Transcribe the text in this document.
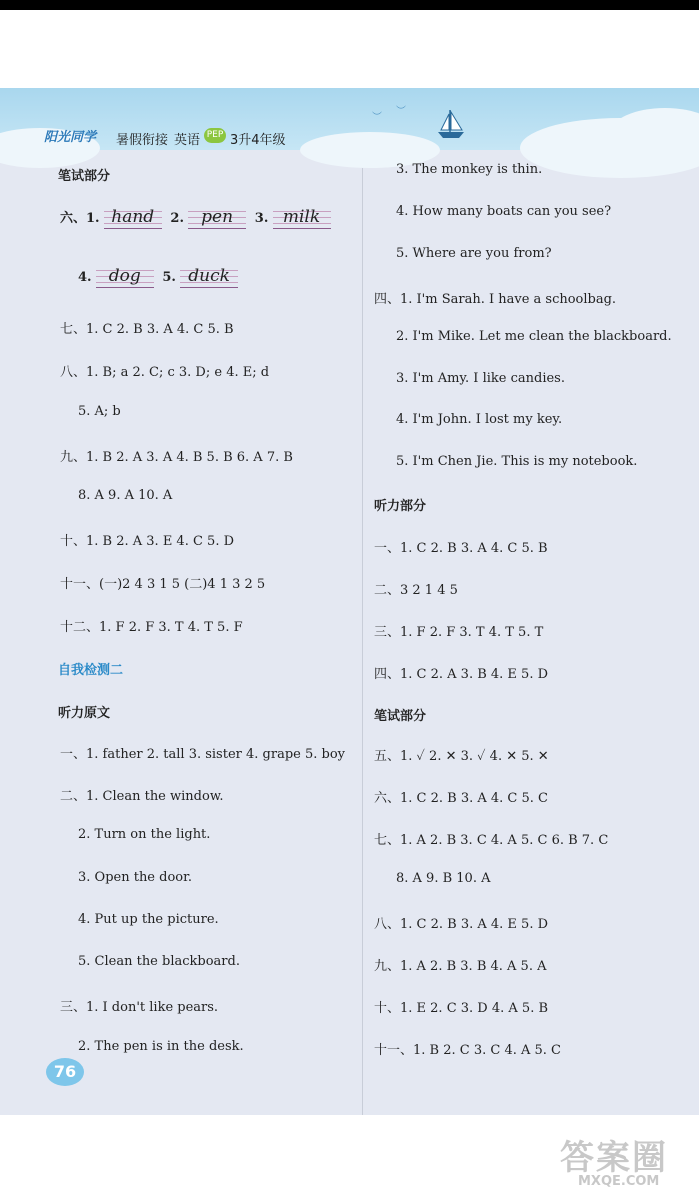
阳光同学 暑假衔接 英语 PEP 3升4年级
︶
︶
笔试部分
六、1. hand  2. pen  3. milk
4. dog  5. duck
七、1. C 2. B 3. A 4. C 5. B
八、1. B; a 2. C; c 3. D; e 4. E; d
5. A; b
九、1. B 2. A 3. A 4. B 5. B 6. A 7. B
8. A 9. A 10. A
十、1. B 2. A 3. E 4. C 5. D
十一、(一)2 4 3 1 5 (二)4 1 3 2 5
十二、1. F 2. F 3. T 4. T 5. F
自我检测二
听力原文
一、1. father 2. tall 3. sister 4. grape 5. boy
二、1. Clean the window.
2. Turn on the light.
3. Open the door.
4. Put up the picture.
5. Clean the blackboard.
三、1. I don't like pears.
2. The pen is in the desk.
76
3. The monkey is thin.
4. How many boats can you see?
5. Where are you from?
四、1. I'm Sarah. I have a schoolbag.
2. I'm Mike. Let me clean the blackboard.
3. I'm Amy. I like candies.
4. I'm John. I lost my key.
5. I'm Chen Jie. This is my notebook.
听力部分
一、1. C 2. B 3. A 4. C 5. B
二、3 2 1 4 5
三、1. F 2. F 3. T 4. T 5. T
四、1. C 2. A 3. B 4. E 5. D
笔试部分
五、1. ✓ 2. ✕ 3. ✓ 4. ✕ 5. ✕
六、1. C 2. B 3. A 4. C 5. C
七、1. A 2. B 3. C 4. A 5. C 6. B 7. C
8. A 9. B 10. A
八、1. C 2. B 3. A 4. E 5. D
九、1. A 2. B 3. B 4. A 5. A
十、1. E 2. C 3. D 4. A 5. B
十一、1. B 2. C 3. C 4. A 5. C
答案圈
MXQE.COM
